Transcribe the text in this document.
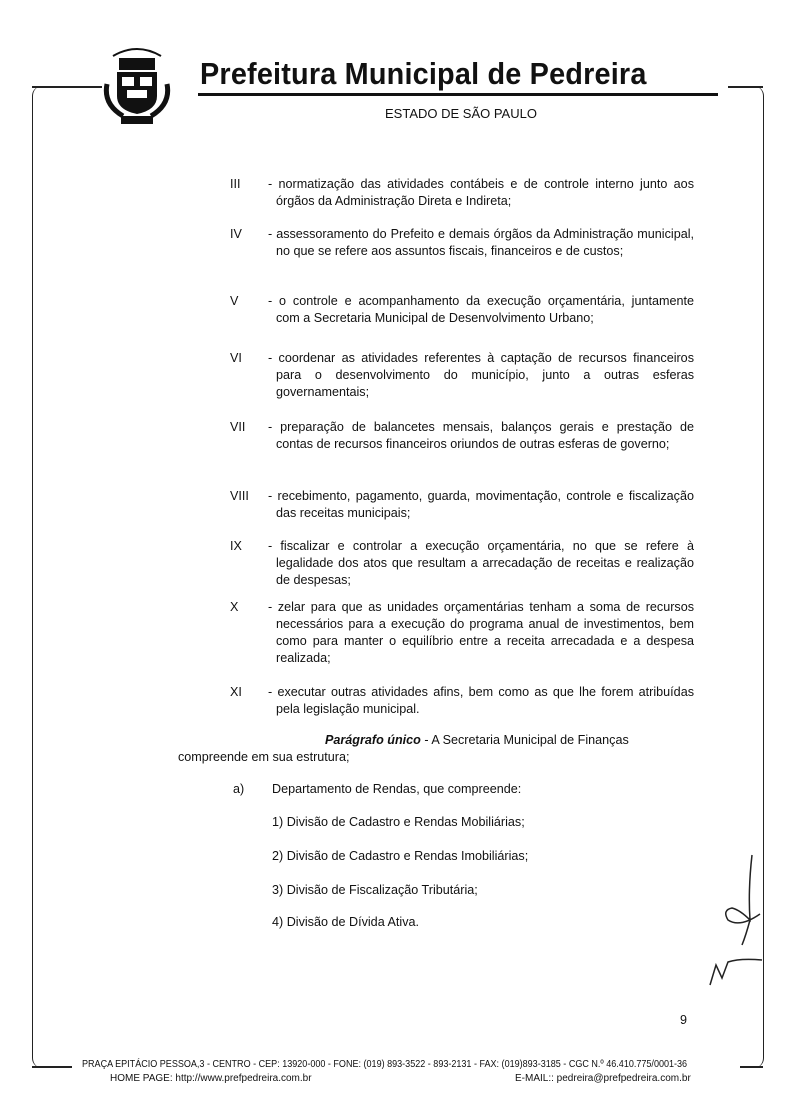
Prefeitura Municipal de Pedreira
ESTADO DE SÃO PAULO
III - normatização das atividades contábeis e de controle interno junto aos órgãos da Administração Direta e Indireta;
IV - assessoramento do Prefeito e demais órgãos da Administração municipal, no que se refere aos assuntos fiscais, financeiros e de custos;
V - o controle e acompanhamento da execução orçamentária, juntamente com a Secretaria Municipal de Desenvolvimento Urbano;
VI - coordenar as atividades referentes à captação de recursos financeiros para o desenvolvimento do município, junto a outras esferas governamentais;
VII - preparação de balancetes mensais, balanços gerais e prestação de contas de recursos financeiros oriundos de outras esferas de governo;
VIII - recebimento, pagamento, guarda, movimentação, controle e fiscalização das receitas municipais;
IX - fiscalizar e controlar a execução orçamentária, no que se refere à legalidade dos atos que resultam a arrecadação de receitas e realização de despesas;
X - zelar para que as unidades orçamentárias tenham a soma de recursos necessários para a execução do programa anual de investimentos, bem como para manter o equilíbrio entre a receita arrecadada e a despesa realizada;
XI - executar outras atividades afins, bem como as que lhe forem atribuídas pela legislação municipal.
Parágrafo único - A Secretaria Municipal de Finanças
compreende em sua estrutura;
a) Departamento de Rendas, que compreende:
1) Divisão de Cadastro e Rendas Mobiliárias;
2) Divisão de Cadastro e Rendas Imobiliárias;
3) Divisão de Fiscalização Tributária;
4) Divisão de Dívida Ativa.
9
PRAÇA EPITÁCIO PESSOA,3 - CENTRO - CEP: 13920-000 - FONE: (019) 893-3522 - 893-2131 - FAX: (019)893-3185 - CGC N.º 46.410.775/0001-36
HOME PAGE: http://www.prefpedreira.com.br	E-MAIL:: pedreira@prefpedreira.com.br
